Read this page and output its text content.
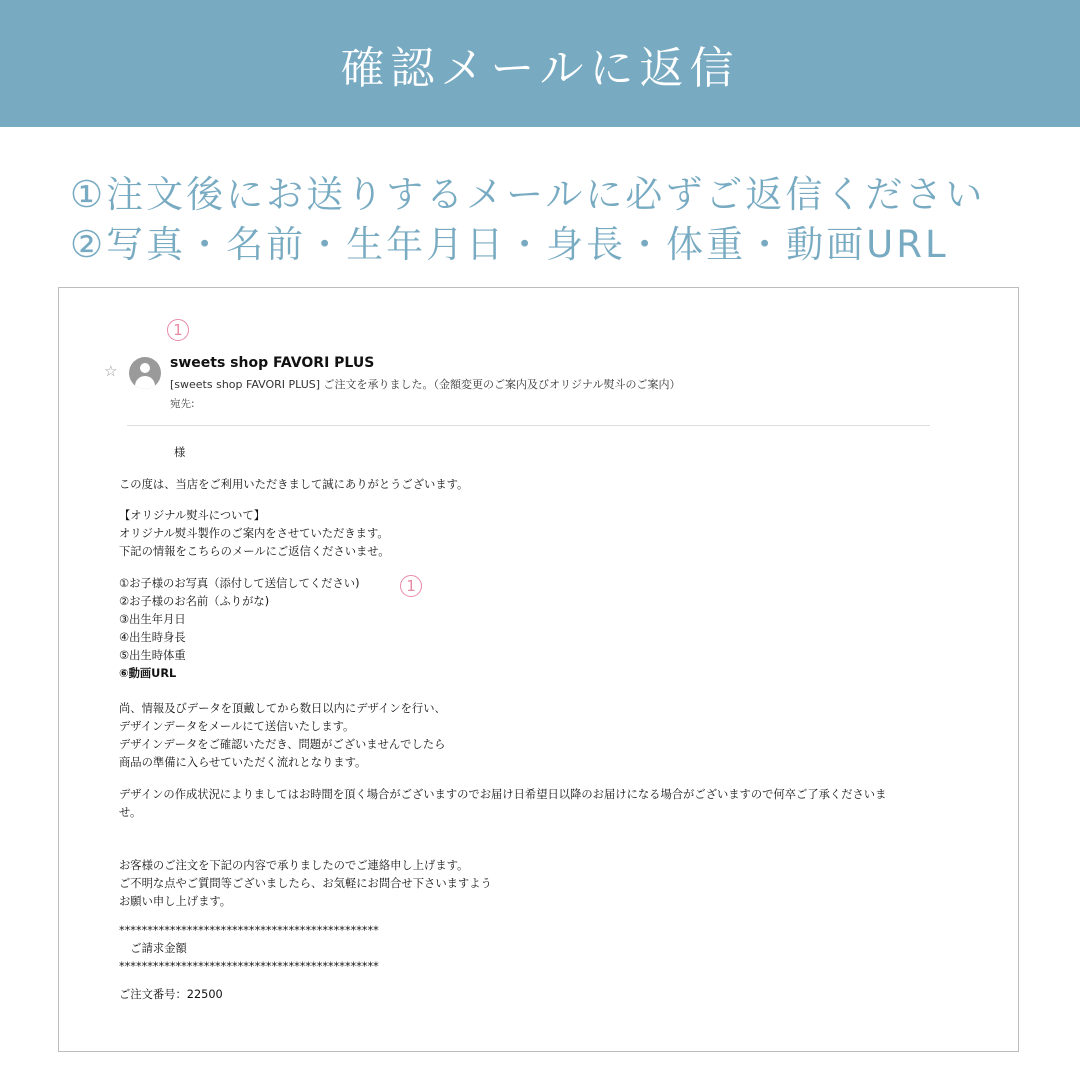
確認メールに返信
①注文後にお送りするメールに必ずご返信ください
②写真・名前・生年月日・身長・体重・動画URL
1
☆	sweets shop FAVORI PLUS
[sweets shop FAVORI PLUS] ご注文を承りました。（金額変更のご案内及びオリジナル熨斗のご案内）
宛先:
様
この度は、当店をご利用いただきまして誠にありがとうございます。
【オリジナル熨斗について】
オリジナル熨斗製作のご案内をさせていただきます。
下記の情報をこちらのメールにご返信くださいませ。
①お子様のお写真（添付して送信してください)
②お子様のお名前（ふりがな)
③出生年月日
④出生時身長
⑤出生時体重
⑥動画URL
1
尚、情報及びデータを頂戴してから数日以内にデザインを行い、
デザインデータをメールにて送信いたします。
デザインデータをご確認いただき、問題がございませんでしたら
商品の準備に入らせていただく流れとなります。
デザインの作成状況によりましてはお時間を頂く場合がございますのでお届け日希望日以降のお届けになる場合がございますので何卒ご了承くださいま
せ。
お客様のご注文を下記の内容で承りましたのでご連絡申し上げます。
ご不明な点やご質問等ございましたら、お気軽にお問合せ下さいますよう
お願い申し上げます。
**********************************************
　ご請求金額
**********************************************
ご注文番号：22500
